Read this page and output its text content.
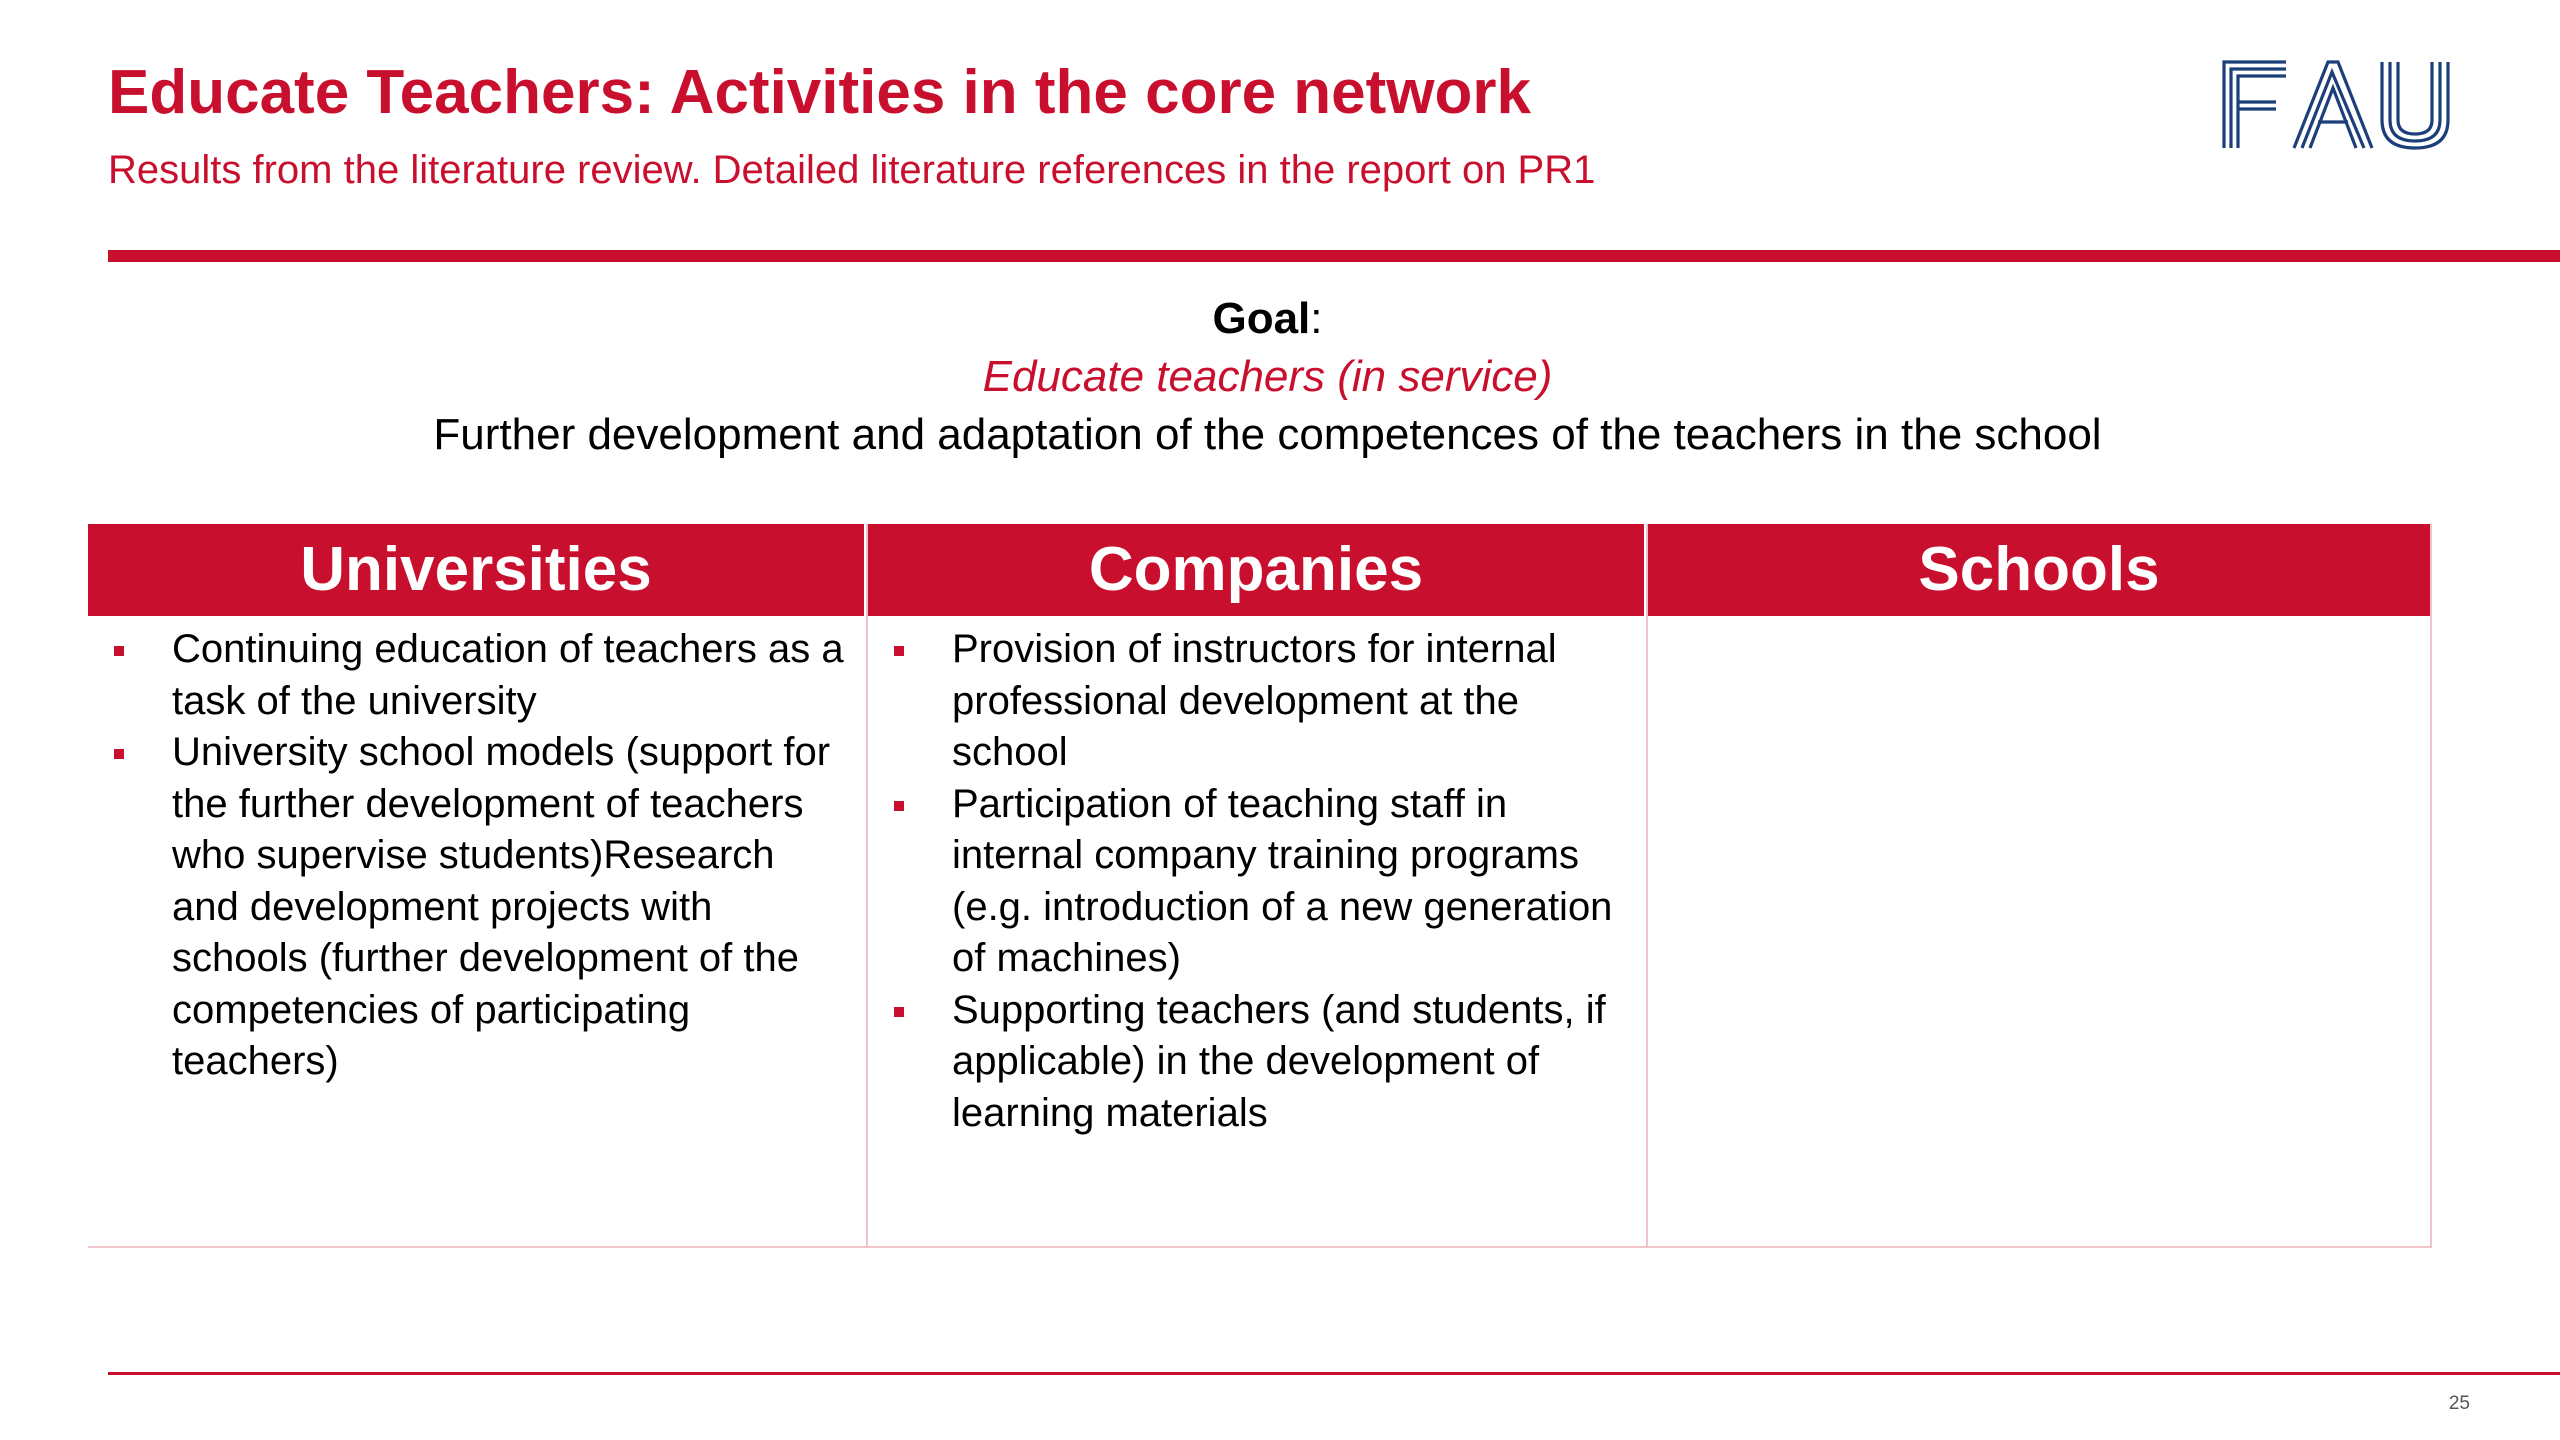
Educate Teachers: Activities in the core network
Results from the literature review. Detailed literature references in the report on PR1
Goal:
Educate teachers (in service)
Further development and adaptation of the competences of the teachers in the school
Universities
Continuing education of teachers as a task of the university
University school models (support for the further development of teachers who supervise students)Research and development projects with schools (further development of the competencies of participating teachers)
Companies
Provision of instructors for internal professional development at the school
Participation of teaching staff in internal company training programs (e.g. introduction of a new generation of machines)
Supporting teachers (and students, if applicable) in the development of learning materials
Schools
25
